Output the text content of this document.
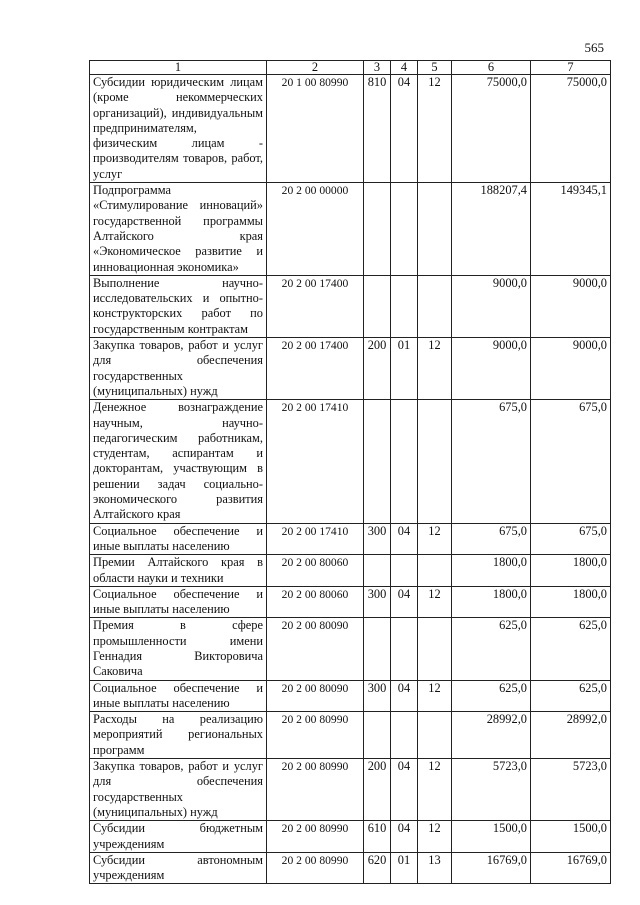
565
1	2	3	4	5	6	7
Субсидии юридическим лицам (кроме некоммерческих организаций), индивидуальным предпринимателям, физическим лицам - производителям товаров, работ, услуг	20 1 00 80990	810	04	12	75000,0	75000,0
Подпрограмма «Стимулирование инноваций» государственной программы Алтайского края «Экономическое развитие и инновационная экономика»	20 2 00 00000				188207,4	149345,1
Выполнение научно-исследовательских и опытно-конструкторских работ по государственным контрактам	20 2 00 17400				9000,0	9000,0
Закупка товаров, работ и услуг для обеспечения государственных (муниципальных) нужд	20 2 00 17400	200	01	12	9000,0	9000,0
Денежное вознаграждение научным, научно-педагогическим работникам, студентам, аспирантам и докторантам, участвующим в решении задач социально-экономического развития Алтайского края	20 2 00 17410				675,0	675,0
Социальное обеспечение и иные выплаты населению	20 2 00 17410	300	04	12	675,0	675,0
Премии Алтайского края в области науки и техники	20 2 00 80060				1800,0	1800,0
Социальное обеспечение и иные выплаты населению	20 2 00 80060	300	04	12	1800,0	1800,0
Премия в сфере промышленности имени Геннадия Викторовича Саковича	20 2 00 80090				625,0	625,0
Социальное обеспечение и иные выплаты населению	20 2 00 80090	300	04	12	625,0	625,0
Расходы на реализацию мероприятий региональных программ	20 2 00 80990				28992,0	28992,0
Закупка товаров, работ и услуг для обеспечения государственных (муниципальных) нужд	20 2 00 80990	200	04	12	5723,0	5723,0
Субсидии бюджетным учреждениям	20 2 00 80990	610	04	12	1500,0	1500,0
Субсидии автономным учреждениям	20 2 00 80990	620	01	13	16769,0	16769,0
